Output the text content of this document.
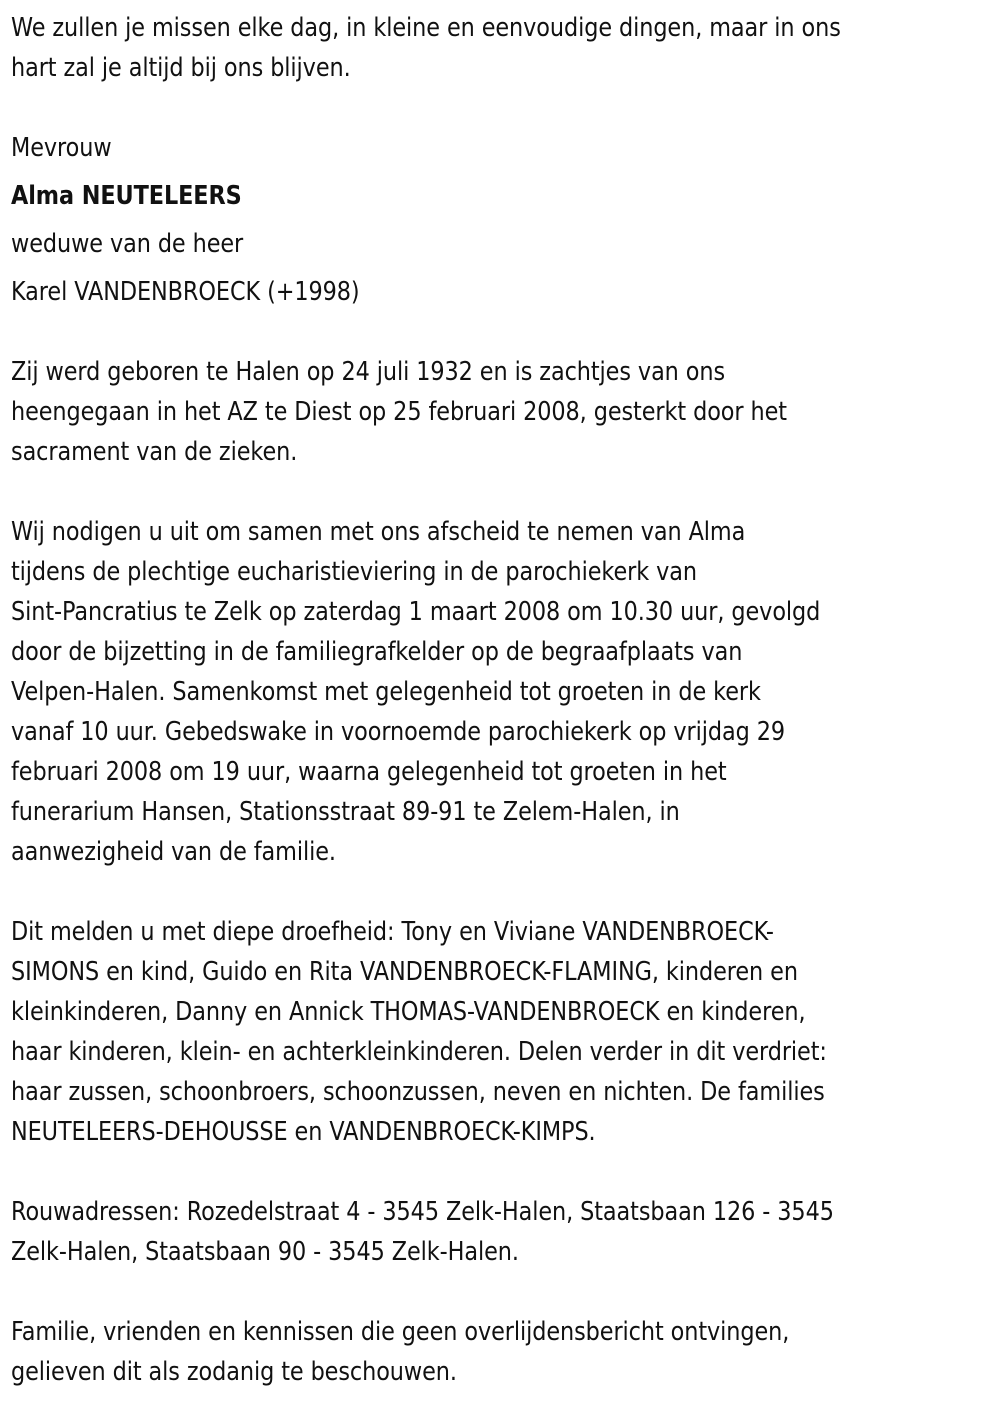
We zullen je missen elke dag, in kleine en eenvoudige dingen, maar in ons
hart zal je altijd bij ons blijven.
Mevrouw
Alma NEUTELEERS
weduwe van de heer
Karel VANDENBROECK (+1998)
Zij werd geboren te Halen op 24 juli 1932 en is zachtjes van ons
heengegaan in het AZ te Diest op 25 februari 2008, gesterkt door het
sacrament van de zieken.
Wij nodigen u uit om samen met ons afscheid te nemen van Alma
tijdens de plechtige eucharistieviering in de parochiekerk van
Sint-Pancratius te Zelk op zaterdag 1 maart 2008 om 10.30 uur, gevolgd
door de bijzetting in de familiegrafkelder op de begraafplaats van
Velpen-Halen. Samenkomst met gelegenheid tot groeten in de kerk
vanaf 10 uur. Gebedswake in voornoemde parochiekerk op vrijdag 29
februari 2008 om 19 uur, waarna gelegenheid tot groeten in het
funerarium Hansen, Stationsstraat 89-91 te Zelem-Halen, in
aanwezigheid van de familie.
Dit melden u met diepe droefheid: Tony en Viviane VANDENBROECK-
SIMONS en kind, Guido en Rita VANDENBROECK-FLAMING, kinderen en
kleinkinderen, Danny en Annick THOMAS-VANDENBROECK en kinderen,
haar kinderen, klein- en achterkleinkinderen. Delen verder in dit verdriet:
haar zussen, schoonbroers, schoonzussen, neven en nichten. De families
NEUTELEERS-DEHOUSSE en VANDENBROECK-KIMPS.
Rouwadressen: Rozedelstraat 4 - 3545 Zelk-Halen, Staatsbaan 126 - 3545
Zelk-Halen, Staatsbaan 90 - 3545 Zelk-Halen.
Familie, vrienden en kennissen die geen overlijdensbericht ontvingen,
gelieven dit als zodanig te beschouwen.
